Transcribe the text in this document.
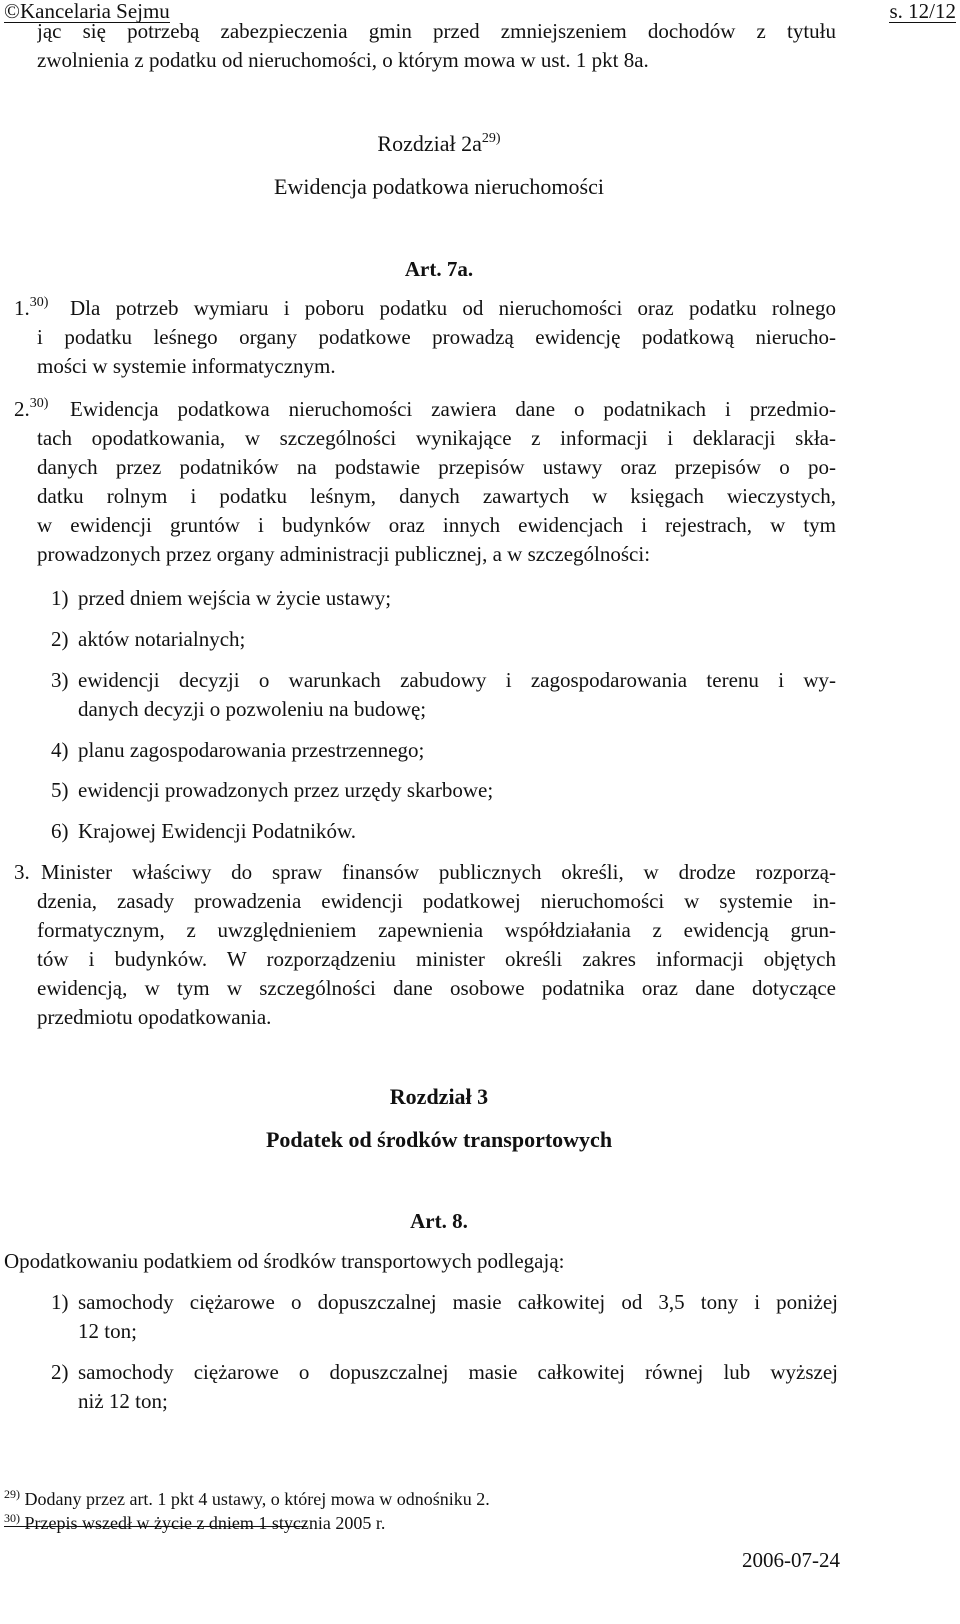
©Kancelaria Sejmu	s. 12/12
jąc się potrzebą zabezpieczenia gmin przed zmniejszeniem dochodów z tytułu
zwolnienia z podatku od nieruchomości, o którym mowa w ust. 1 pkt 8a.
Rozdział $2a^{29)}$
Ewidencja podatkowa nieruchomości
Art. 7a.
1.$^{30)}$ Dla potrzeb wymiaru i poboru podatku od nieruchomości oraz podatku rolnego
i podatku leśnego organy podatkowe prowadzą ewidencję podatkową nierucho-
mości w systemie informatycznym.
2.$^{30)}$ Ewidencja podatkowa nieruchomości zawiera dane o podatnikach i przedmio-
tach opodatkowania, w szczególności wynikające z informacji i deklaracji skła-
danych przez podatników na podstawie przepisów ustawy oraz przepisów o po-
datku rolnym i podatku leśnym, danych zawartych w księgach wieczystych,
w ewidencji gruntów i budynków oraz innych ewidencjach i rejestrach, w tym
prowadzonych przez organy administracji publicznej, a w szczególności:
1) przed dniem wejścia w życie ustawy;
2) aktów notarialnych;
3) ewidencji decyzji o warunkach zabudowy i zagospodarowania terenu i wy-
danych decyzji o pozwoleniu na budowę;
4) planu zagospodarowania przestrzennego;
5) ewidencji prowadzonych przez urzędy skarbowe;
6) Krajowej Ewidencji Podatników.
3. Minister właściwy do spraw finansów publicznych określi, w drodze rozporzą-
dzenia, zasady prowadzenia ewidencji podatkowej nieruchomości w systemie in-
formatycznym, z uwzględnieniem zapewnienia współdziałania z ewidencją grun-
tów i budynków. W rozporządzeniu minister określi zakres informacji objętych
ewidencją, w tym w szczególności dane osobowe podatnika oraz dane dotyczące
przedmiotu opodatkowania.
Rozdział 3
Podatek od środków transportowych
Art. 8.
Opodatkowaniu podatkiem od środków transportowych podlegają:
1) samochody ciężarowe o dopuszczalnej masie całkowitej od 3,5 tony i poniżej
12 ton;
2) samochody ciężarowe o dopuszczalnej masie całkowitej równej lub wyższej
niż 12 ton;
$^{29)}$ Dodany przez art. 1 pkt 4 ustawy, o której mowa w odnośniku 2.
$^{30)}$ Przepis wszedł w życie z dniem 1 stycznia 2005 r.
2006-07-24
